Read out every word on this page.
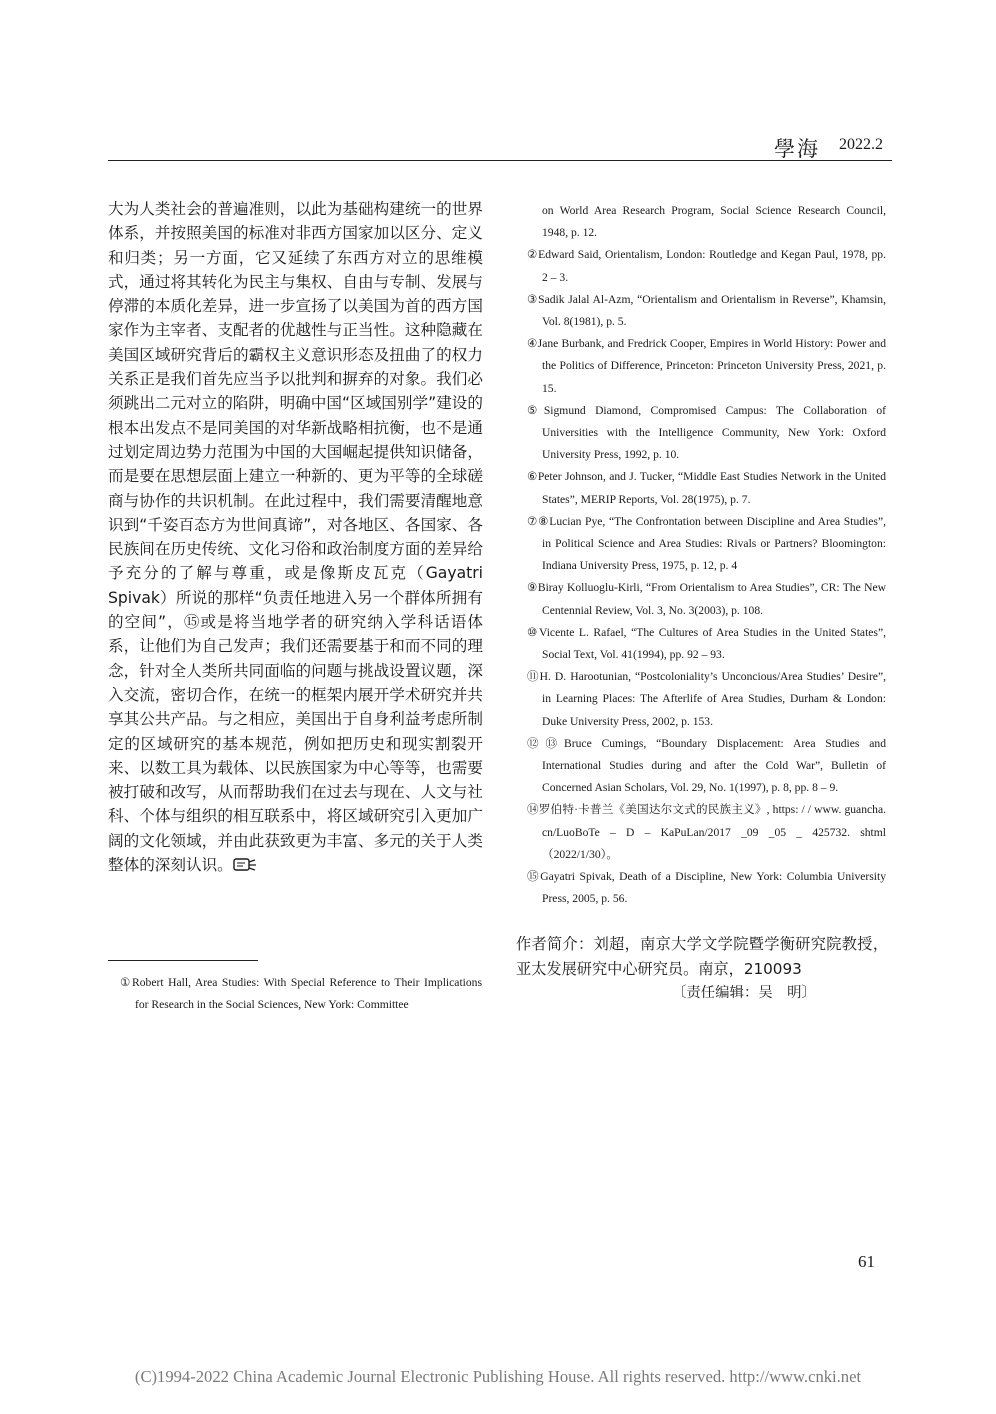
學海 2022.2

大为人类社会的普遍准则，以此为基础构建统一的世界体系，并按照美国的标准对非西方国家加以区分、定义和归类；另一方面，它又延续了东西方对立的思维模式，通过将其转化为民主与集权、自由与专制、发展与停滞的本质化差异，进一步宣扬了以美国为首的西方国家作为主宰者、支配者的优越性与正当性。这种隐藏在美国区域研究背后的霸权主义意识形态及扭曲了的权力关系正是我们首先应当予以批判和摒弃的对象。我们必须跳出二元对立的陷阱，明确中国“区域国别学”建设的根本出发点不是同美国的对华新战略相抗衡，也不是通过划定周边势力范围为中国的大国崛起提供知识储备，而是要在思想层面上建立一种新的、更为平等的全球磋商与协作的共识机制。在此过程中，我们需要清醒地意识到“千姿百态方为世间真谛”，对各地区、各国家、各民族间在历史传统、文化习俗和政治制度方面的差异给予充分的了解与尊重，或是像斯皮瓦克（Gayatri Spivak）所说的那样“负责任地进入另一个群体所拥有的空间”，⑮或是将当地学者的研究纳入学科话语体系，让他们为自己发声；我们还需要基于和而不同的理念，针对全人类所共同面临的问题与挑战设置议题，深入交流，密切合作，在统一的框架内展开学术研究并共享其公共产品。与之相应，美国出于自身利益考虑所制定的区域研究的基本规范，例如把历史和现实割裂开来、以数工具为载体、以民族国家为中心等等，也需要被打破和改写，从而帮助我们在过去与现在、人文与社科、个体与组织的相互联系中，将区域研究引入更加广阔的文化领域，并由此获致更为丰富、多元的关于人类整体的深刻认识。

①Robert Hall, Area Studies: With Special Reference to Their Implications for Research in the Social Sciences, New York: Committee

on World Area Research Program, Social Science Research Council, 1948, p. 12.

②Edward Said, Orientalism, London: Routledge and Kegan Paul, 1978, pp. 2 – 3.

③Sadik Jalal Al-Azm, “Orientalism and Orientalism in Reverse”, Khamsin, Vol. 8(1981), p. 5.

④Jane Burbank, and Fredrick Cooper, Empires in World History: Power and the Politics of Difference, Princeton: Princeton University Press, 2021, p. 15.

⑤Sigmund Diamond, Compromised Campus: The Collaboration of Universities with the Intelligence Community, New York: Oxford University Press, 1992, p. 10.

⑥Peter Johnson, and J. Tucker, “Middle East Studies Network in the United States”, MERIP Reports, Vol. 28(1975), p. 7.

⑦⑧Lucian Pye, “The Confrontation between Discipline and Area Studies”, in Political Science and Area Studies: Rivals or Partners? Bloomington: Indiana University Press, 1975, p. 12, p. 4

⑨Biray Kolluoglu-Kirli, “From Orientalism to Area Studies”, CR: The New Centennial Review, Vol. 3, No. 3(2003), p. 108.

⑩Vicente L. Rafael, “The Cultures of Area Studies in the United States”, Social Text, Vol. 41(1994), pp. 92 – 93.

⑪H. D. Harootunian, “Postcoloniality’s Unconcious/Area Studies’ Desire”, in Learning Places: The Afterlife of Area Studies, Durham & London: Duke University Press, 2002, p. 153.

⑫⑬Bruce Cumings, “Boundary Displacement: Area Studies and International Studies during and after the Cold War”, Bulletin of Concerned Asian Scholars, Vol. 29, No. 1(1997), p. 8, pp. 8 – 9.

⑭罗伯特·卡普兰《美国达尔文式的民族主义》, https: / / www. guancha. cn/LuoBoTe – D – KaPuLan/2017 _09 _05 _ 425732. shtml（2022/1/30）。

⑮Gayatri Spivak, Death of a Discipline, New York: Columbia University Press, 2005, p. 56.

作者简介：刘超，南京大学文学院暨学衡研究院教授，亚太发展研究中心研究员。南京，210093

〔责任编辑：吴　明〕

61
(C)1994-2022 China Academic Journal Electronic Publishing House. All rights reserved. http://www.cnki.net
